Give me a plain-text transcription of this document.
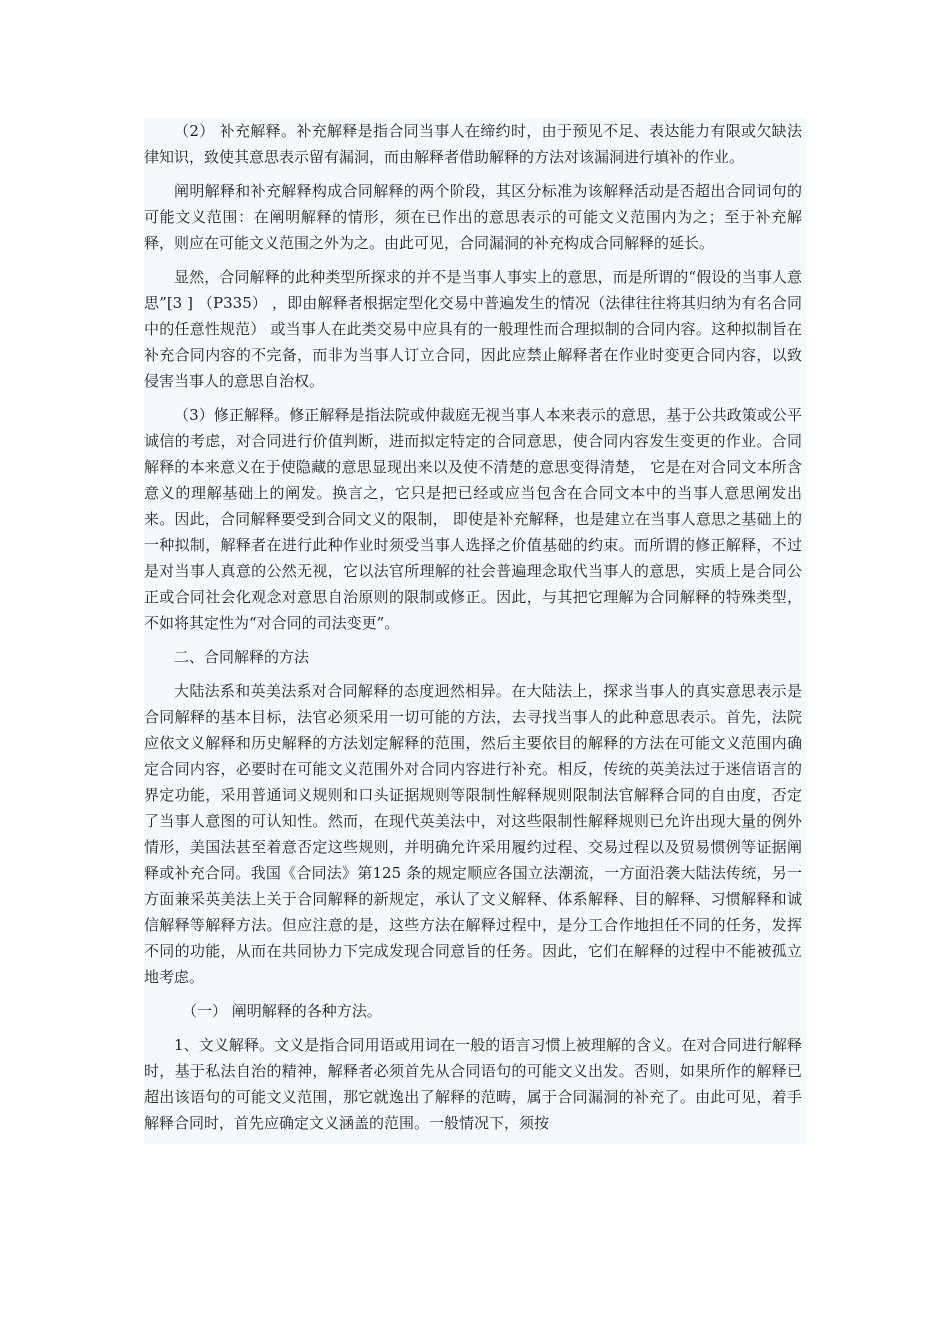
（2） 补充解释。补充解释是指合同当事人在缔约时，由于预见不足、表达能力有限或欠缺法律知识，致使其意思表示留有漏洞，而由解释者借助解释的方法对该漏洞进行填补的作业。

阐明解释和补充解释构成合同解释的两个阶段，其区分标准为该解释活动是否超出合同词句的可能文义范围：在阐明解释的情形，须在已作出的意思表示的可能文义范围内为之；至于补充解释，则应在可能文义范围之外为之。由此可见，合同漏洞的补充构成合同解释的延长。

显然，合同解释的此种类型所探求的并不是当事人事实上的意思，而是所谓的“假设的当事人意思”[3 ] （P335） ，即由解释者根据定型化交易中普遍发生的情况（法律往往将其归纳为有名合同中的任意性规范） 或当事人在此类交易中应具有的一般理性而合理拟制的合同内容。这种拟制旨在补充合同内容的不完备，而非为当事人订立合同，因此应禁止解释者在作业时变更合同内容，以致侵害当事人的意思自治权。

（3）修正解释。修正解释是指法院或仲裁庭无视当事人本来表示的意思，基于公共政策或公平诚信的考虑，对合同进行价值判断，进而拟定特定的合同意思，使合同内容发生变更的作业。合同解释的本来意义在于使隐藏的意思显现出来以及使不清楚的意思变得清楚， 它是在对合同文本所含意义的理解基础上的阐发。换言之，它只是把已经或应当包含在合同文本中的当事人意思阐发出来。因此，合同解释要受到合同文义的限制， 即使是补充解释，也是建立在当事人意思之基础上的一种拟制，解释者在进行此种作业时须受当事人选择之价值基础的约束。而所谓的修正解释，不过是对当事人真意的公然无视，它以法官所理解的社会普遍理念取代当事人的意思，实质上是合同公正或合同社会化观念对意思自治原则的限制或修正。因此，与其把它理解为合同解释的特殊类型，不如将其定性为“对合同的司法变更”。

二、合同解释的方法

大陆法系和英美法系对合同解释的态度迥然相异。在大陆法上，探求当事人的真实意思表示是合同解释的基本目标，法官必须采用一切可能的方法，去寻找当事人的此种意思表示。首先，法院应依文义解释和历史解释的方法划定解释的范围，然后主要依目的解释的方法在可能文义范围内确定合同内容，必要时在可能文义范围外对合同内容进行补充。相反，传统的英美法过于迷信语言的界定功能，采用普通词义规则和口头证据规则等限制性解释规则限制法官解释合同的自由度，否定了当事人意图的可认知性。然而，在现代英美法中，对这些限制性解释规则已允许出现大量的例外情形，美国法甚至着意否定这些规则，并明确允许采用履约过程、交易过程以及贸易惯例等证据阐释或补充合同。我国《合同法》第125 条的规定顺应各国立法潮流，一方面沿袭大陆法传统，另一方面兼采英美法上关于合同解释的新规定，承认了文义解释、体系解释、目的解释、习惯解释和诚信解释等解释方法。但应注意的是，这些方法在解释过程中，是分工合作地担任不同的任务，发挥不同的功能，从而在共同协力下完成发现合同意旨的任务。因此，它们在解释的过程中不能被孤立地考虑。

（一） 阐明解释的各种方法。

1、文义解释。文义是指合同用语或用词在一般的语言习惯上被理解的含义。在对合同进行解释时，基于私法自治的精神，解释者必须首先从合同语句的可能文义出发。否则，如果所作的解释已超出该语句的可能文义范围，那它就逸出了解释的范畴，属于合同漏洞的补充了。由此可见，着手解释合同时，首先应确定文义涵盖的范围。一般情况下，须按
